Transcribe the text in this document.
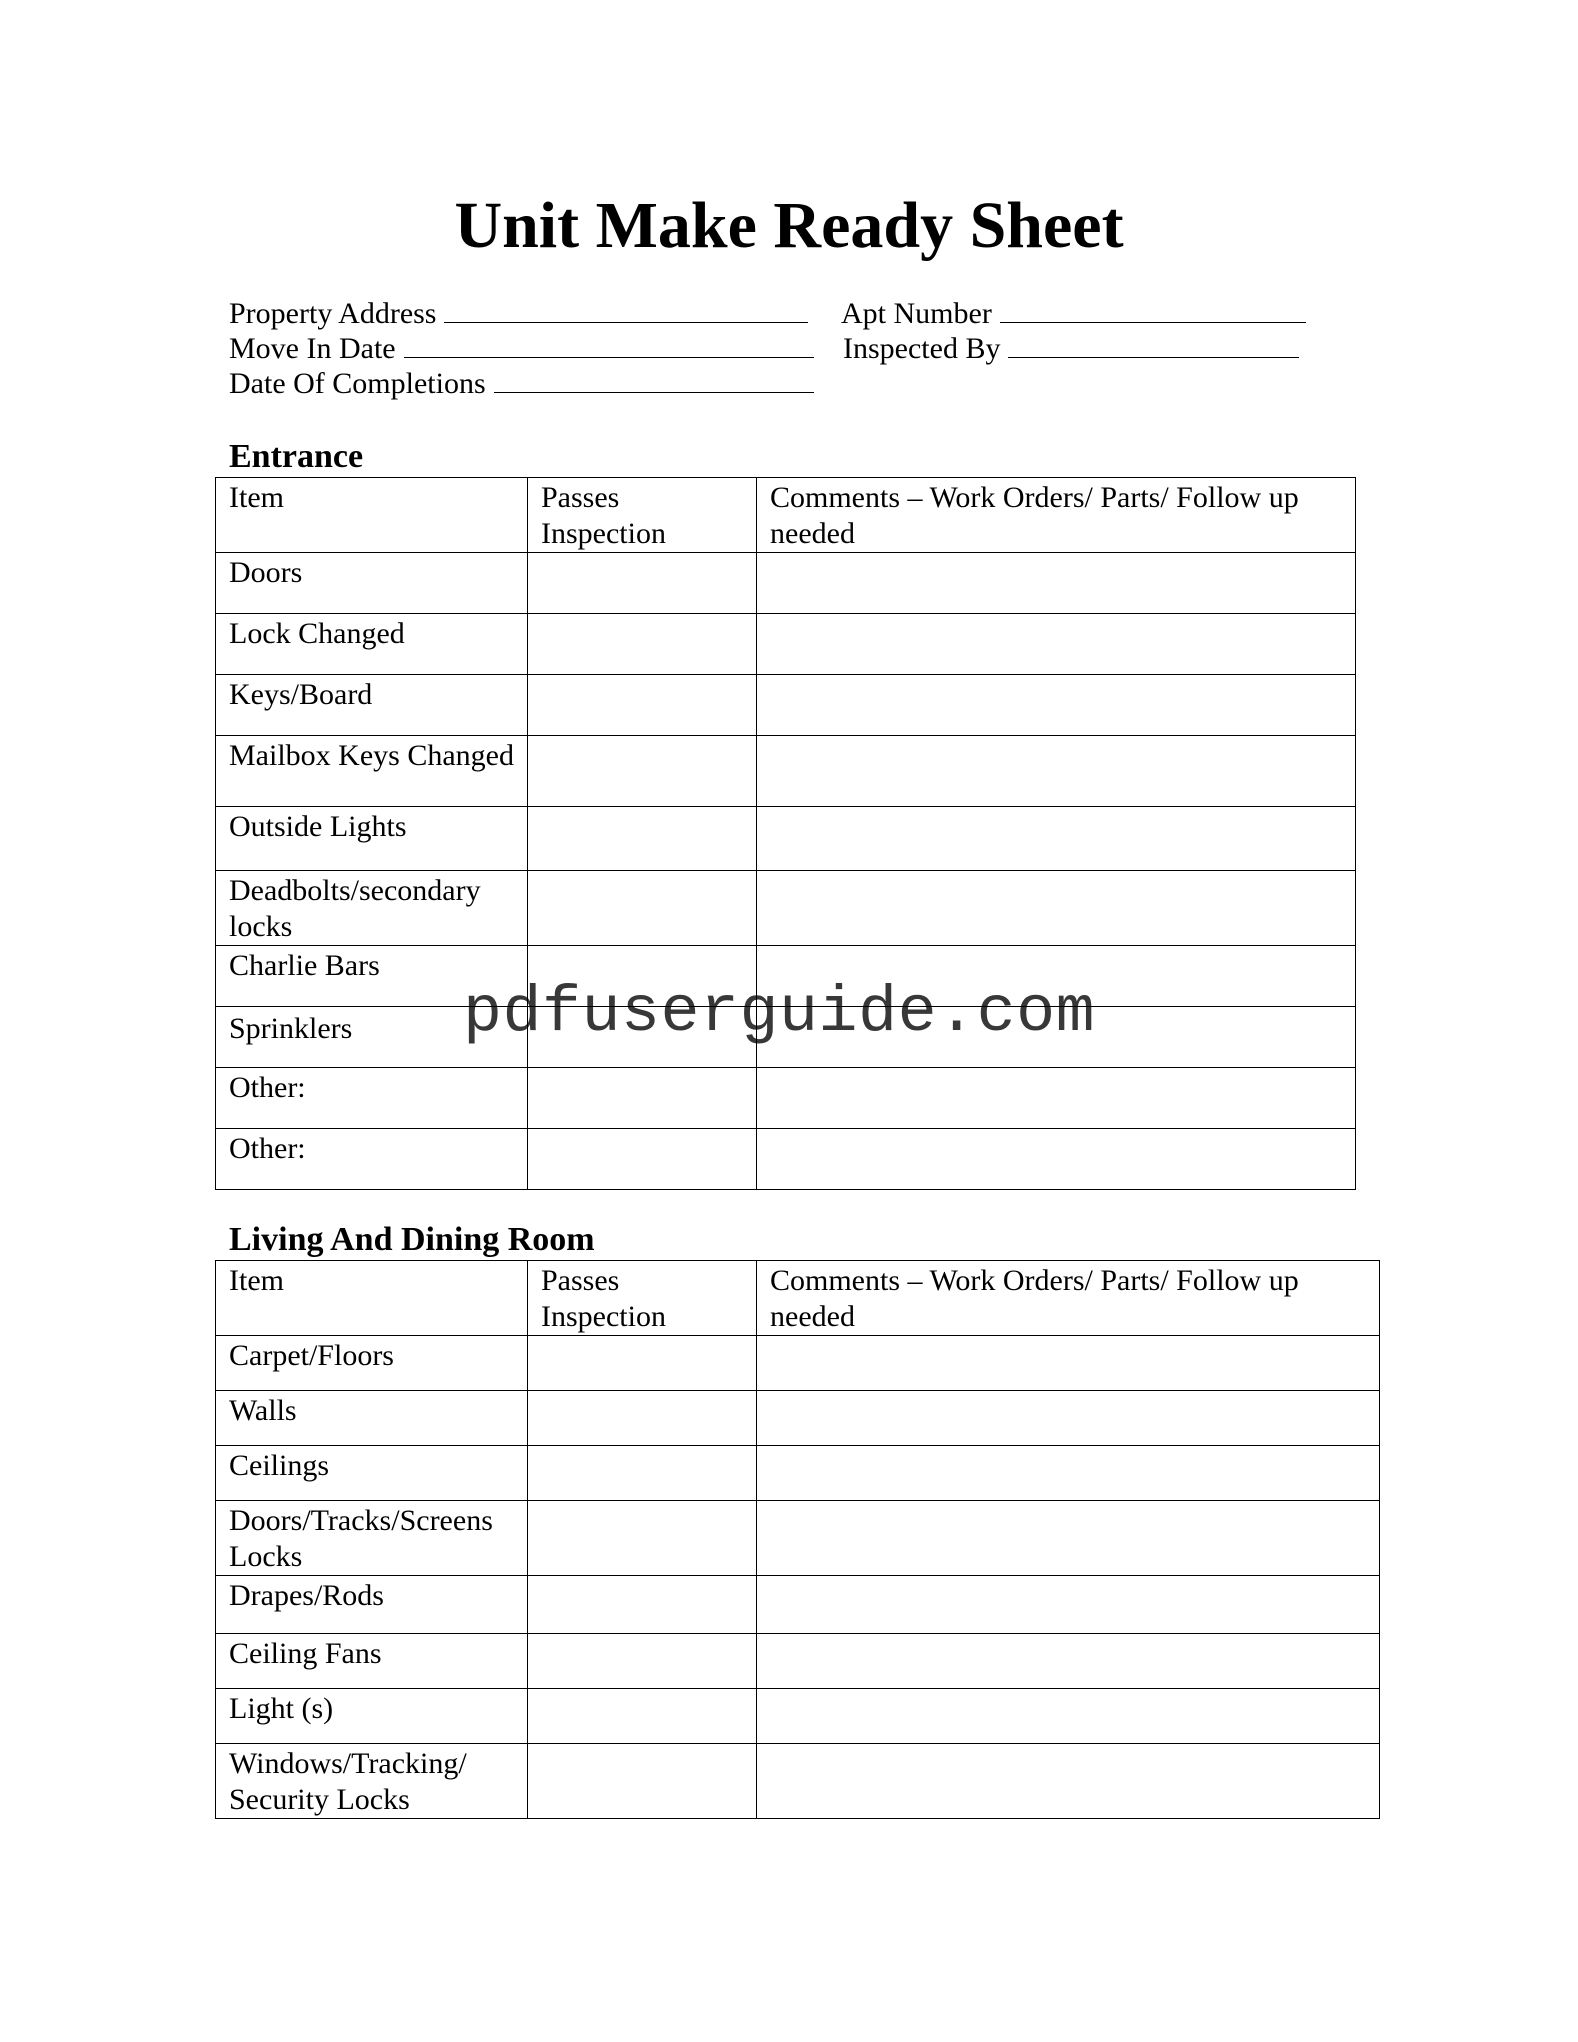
Unit Make Ready Sheet
Property Address	Apt Number
Move In Date	Inspected By
Date Of Completions
Entrance
Item	Passes Inspection	Comments – Work Orders/ Parts/ Follow up needed
Doors		
Lock Changed		
Keys/Board		
Mailbox Keys Changed		
Outside Lights		
Deadbolts/secondary locks		
Charlie Bars		
Sprinklers		
Other:		
Other:		
Living And Dining Room
Item	Passes Inspection	Comments – Work Orders/ Parts/ Follow up needed
Carpet/Floors		
Walls		
Ceilings		
Doors/Tracks/Screens Locks		
Drapes/Rods		
Ceiling Fans		
Light (s)		
Windows/Tracking/ Security Locks		
pdfuserguide.com
